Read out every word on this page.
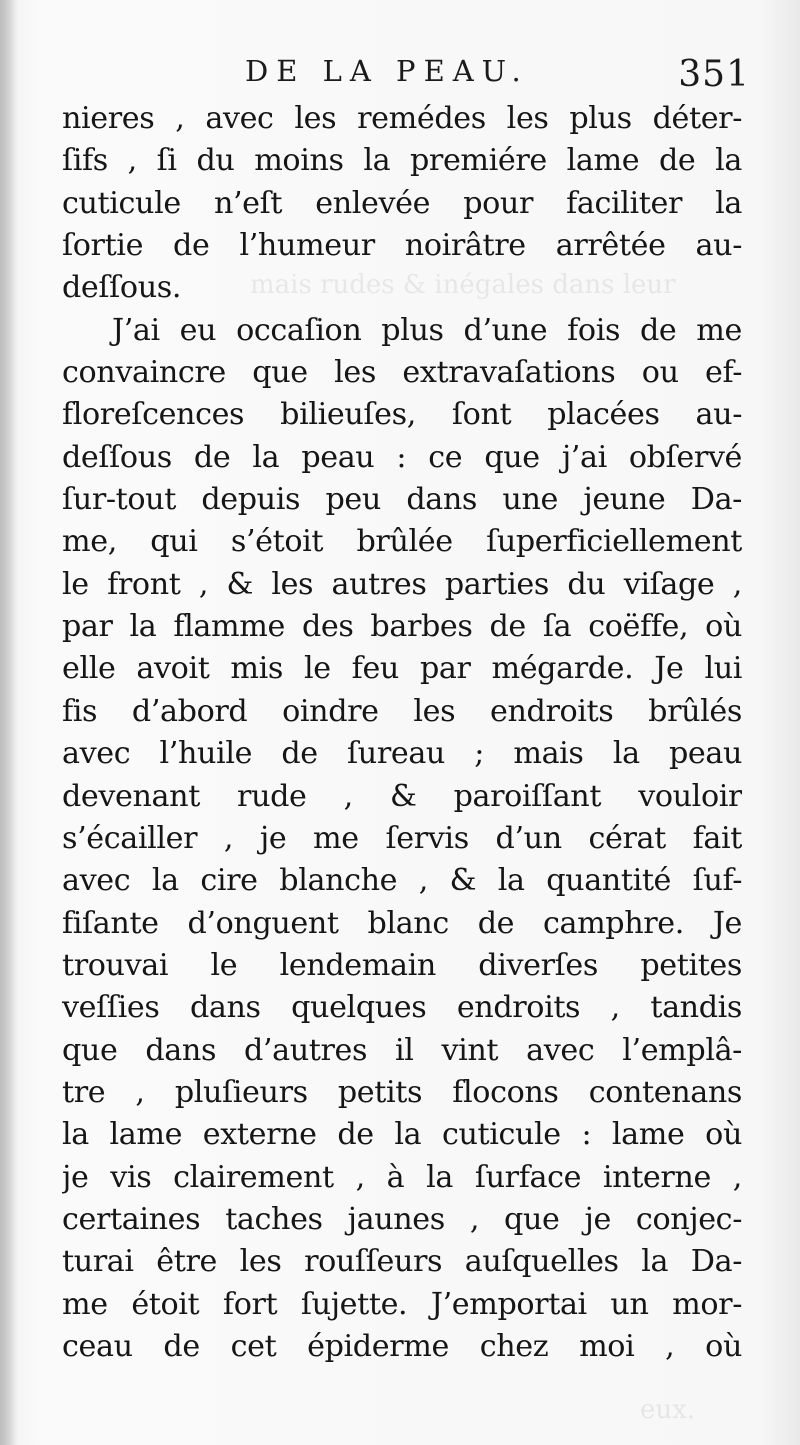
mais rudes & inégales dans leur
eux.
DE LA PEAU.	351
nieres , avec les remédes les plus déter-
ſifs , ſi du moins la premiére lame de la
cuticule n’eſt enlevée pour faciliter la
ſortie de l’humeur noirâtre arrêtée au-
deſſous.
J’ai eu occaſion plus d’une fois de me
convaincre que les extravaſations ou ef-
floreſcences bilieuſes, ſont placées au-
deſſous de la peau : ce que j’ai obſervé
ſur-tout depuis peu dans une jeune Da-
me, qui s’étoit brûlée ſuperficiellement
le front , & les autres parties du viſage ,
par la flamme des barbes de ſa coëffe, où
elle avoit mis le feu par mégarde. Je lui
fis d’abord oindre les endroits brûlés
avec l’huile de ſureau ; mais la peau
devenant rude , & paroiſſant vouloir
s’écailler , je me ſervis d’un cérat fait
avec la cire blanche , & la quantité ſuf-
fiſante d’onguent blanc de camphre. Je
trouvai le lendemain diverſes petites
veſſies dans quelques endroits , tandis
que dans d’autres il vint avec l’emplâ-
tre , pluſieurs petits flocons contenans
la lame externe de la cuticule : lame où
je vis clairement , à la ſurface interne ,
certaines taches jaunes , que je conjec-
turai être les rouſſeurs auſquelles la Da-
me étoit fort ſujette. J’emportai un mor-
ceau de cet épiderme chez moi , où
